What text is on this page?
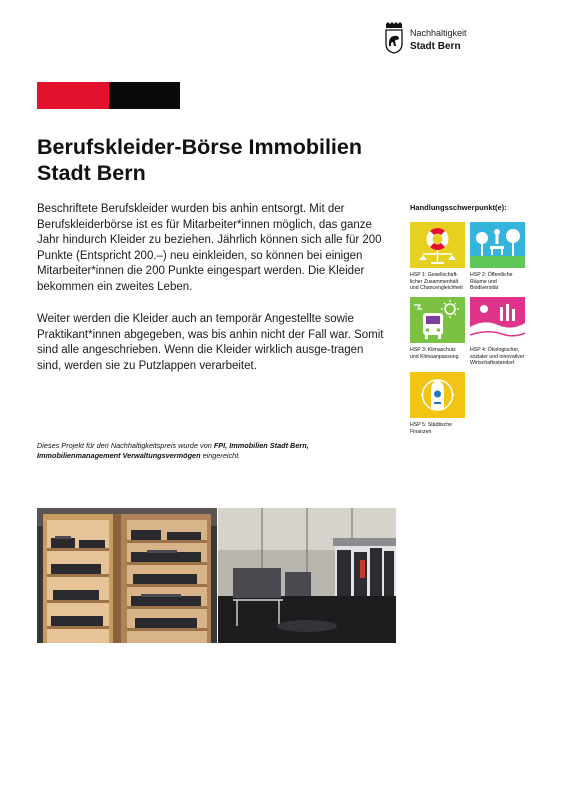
Nachhaltigkeit
Stadt Bern
Berufskleider-Börse Immobilien
Stadt Bern

Beschriftete Berufskleider wurden bis anhin entsorgt. Mit der Berufskleiderbörse ist es für Mitarbeiter*innen möglich, das ganze Jahr hindurch Kleider zu beziehen. Jährlich können sich alle für 200 Punkte (Entspricht 200.–) neu einkleiden, so können bei einigen Mitarbeiter*innen die 200 Punkte eingespart werden. Die Kleider bekommen ein zweites Leben.

Weiter werden die Kleider auch an temporär Angestellte sowie Praktikant*innen abgegeben, was bis anhin nicht der Fall war. Somit sind alle angeschrieben. Wenn die Kleider wirklich ausge-tragen sind, werden sie zu Putzlappen verarbeitet.

Dieses Projekt für den Nachhaltigkeitspreis wurde von FPI, Immobilien Stadt Bern, Immobilienmanagement Verwaltungsvermögen eingereicht.
Handlungsschwerpunkt(e):
HSP 1: Gesellschaft-
licher Zusammenhalt
und Chancengleichheit
HSP 2: Öffentliche
Räume und
Biodiversität
HSP 3: Klimaschutz
und Klimaanpassung
HSP 4: Ökologischer,
sozialer und innovativer
Wirtschaftsstandort
HSP 5: Städtische
Finanzen
